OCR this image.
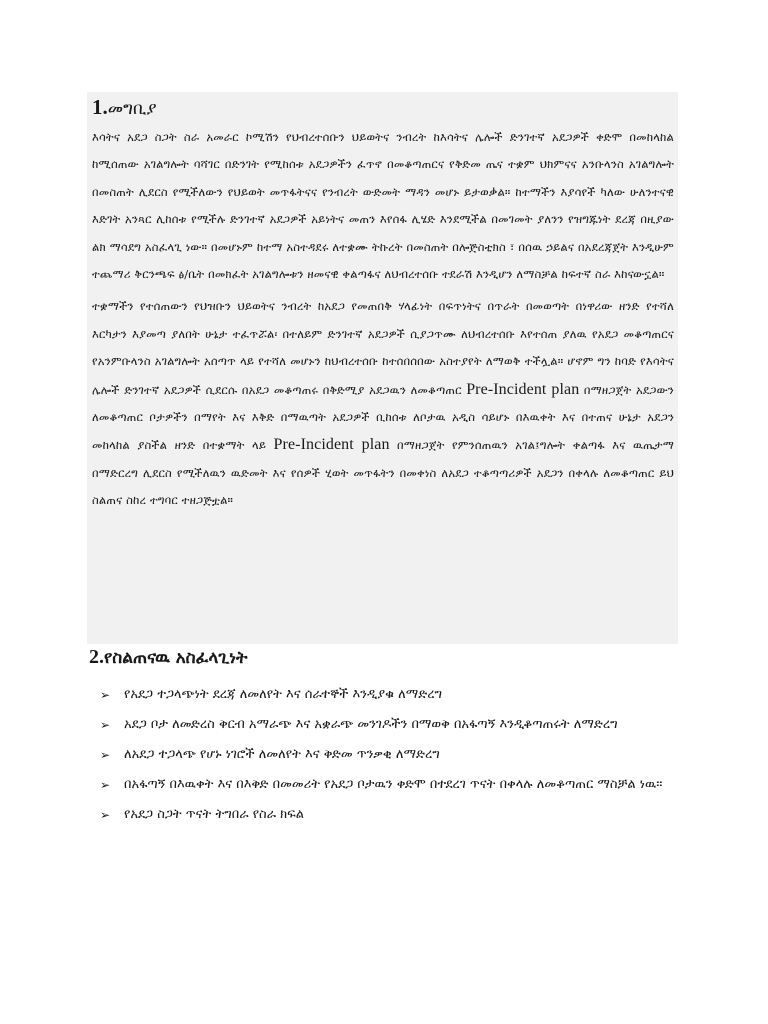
1.መግቢያ

እሳትና አደጋ ስጋት ስራ አመራር ኮሚሽን የህብረተሰቡን ህይወትና ንብረት ከእሳትና ሌሎች ድንገተኛ አደጋዎች ቀድሞ በመከላከል ከሚሰጠው አገልግሎት ባሻገር በድንገት የሚከሰቱ አደጋዎችን ፈጥኖ በመቆጣጠርና የቅድመ ጤና ተቋም ህክምናና አንቡላንስ አገልግሎት በመስጠት ሊደርስ የሚችለውን የህይወት መጥፋትናና የንብረት ውድመት ማዳን መሆኑ ይታወቃል። ከተማችን እያሳየች ካለው ሁለንተናዊ እድገት አንጻር ሊከሰቱ የሚችሉ ድንገተኛ አደጋዎች አይነትና መጠን እየሰፋ ሊሄድ እንደሚችል በመገመት ያለንን የዝግጁነት ደረጃ በዚያው ልክ ማሳደግ አስፈላጊ ነው። በመሆኑም ከተማ አስተዳደሩ ለተቋሙ ትኩረት በመስጠት በሎጅስቲክስ ፣ በሰዉ ኃይልና በአደረጃጀት እንዲሁም ተጨማሪ ቅርንጫፍ ፅ/ቤት በመክፈት አገልግሎቱን ዘመናዊ ቀልጣፋና ለህብረተሰቡ ተደራሽ እንዲሆን ለማስቻል ከፍተኛ ስራ እከናውኗል።

ተቋማችን የተሰጠውን የህዝቡን ህይወትና ንብረት ከአደጋ የመጠበቅ ሃላፊነት በፍጥነትና በጥራት በመወጣት በነዋሪው ዘንድ የተሻለ እርካታን እያመጣ ያለበት ሁኔታ ተፈጥሯል፡ በተለይም ድንገተኛ አደጋዎች ሲያጋጥሙ ለህብረተሰቡ እየተሰጠ ያለዉ የአደጋ መቆጣጠርና የአንምቡላንስ አገልግሎት አሰጣጥ ላይ የተሻለ መሆኑን ከህብረተሰቡ ከተሰበሰበው አስተያየት ለማወቅ ተችሏል። ሆኖም ግን ከባድ የእሳትና ሌሎች ድንገተኛ አደጋዎች ሲደርሱ በአደጋ መቆጣጠሩ በቅድሚያ አደጋዉን ለመቆጣጠር Pre-Incident plan በማዘጋጀት አደጋውን ለመቆጣጠር ቦታዎችን በማየት እና እቅድ በማዉጣት አደጋዎች ቢከሰቱ ለቦታዉ አዲስ ሳይሆኑ በእዉቀት እና በተጠና ሁኔታ አደጋን መከላከል ያስችል ዘንድ በተቋማት ላይ Pre-Incident plan በማዘጋጀት የምንሰጠዉን አገል፤ግሎት ቀልጣፋ እና ዉጤታማ በማድርረግ ሊደርስ የሚችለዉን ዉድመት እና የሰዎች ሂወት መጥፋትን በመቀነስ ለአደጋ ተቆጣጣሪዎች አደጋን በቀላሉ ለመቆጣጠር ይህ ስልጠና ስከረ ተግባር ተዘጋጅቷል።

2.የስልጠናዉ አስፈላጊነት
➢ የአደጋ ተጋላጭነት ደረጃ ለመለየት እና ሰራተኞች እንዲያቁ ለማድረግ
➢ አደጋ ቦታ ለመድረስ ቅርብ አማራጭ እና አቋራጭ መንገዶችን በማወቅ በአፋጣኝ እንዲቆጣጠሩት ለማድረግ
➢ ለአደጋ ተጋላጭ የሆኑ ነገሮች ለመለየት እና ቅድመ ጥንቃቂ ለማድረግ
➢ በአፋጣኝ በእዉቀት እና በእቅድ በመመሪት የአደጋ ቦታዉን ቀድሞ በተደረገ ጥናት በቀላሉ ለመቆጣጠር ማስቻል ነዉ።
➢ የአደጋ ስጋት ጥናት ትግበራ የስራ ክፍል
